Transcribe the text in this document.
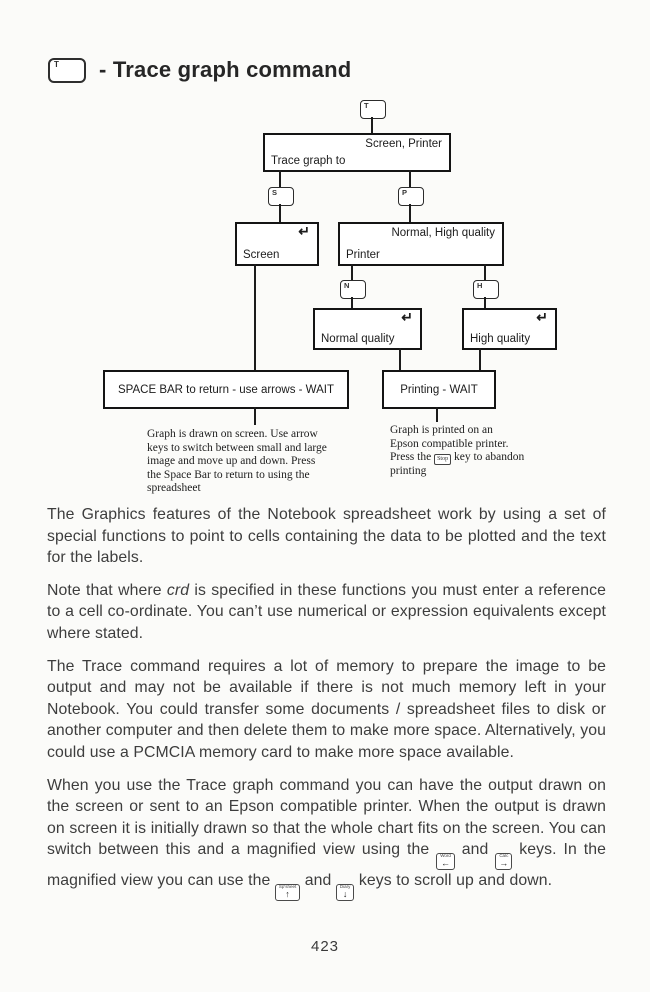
T - Trace graph command
T
Screen, Printer
Trace graph to
S	P
↵
Screen
Normal, High quality
Printer
N	H
↵
Normal quality
↵
High quality
SPACE BAR to return - use arrows - WAIT	Printing - WAIT
Graph is drawn on screen. Use arrow
keys to switch between small and large
image and move up and down. Press
the Space Bar to return to using the
spreadsheet
Graph is printed on an
Epson compatible printer.
Press the Stop key to abandon
printing

The Graphics features of the Notebook spreadsheet work by using a set of special functions to point to cells containing the data to be plotted and the text for the labels.

Note that where crd is specified in these functions you must enter a reference to a cell co-ordinate. You can’t use numerical or expression equivalents except where stated.

The Trace command requires a lot of memory to prepare the image to be output and may not be available if there is not much memory left in your Notebook. You could transfer some documents / spreadsheet files to disk or another computer and then delete them to make more space. Alternatively, you could use a PCMCIA memory card to make more space available.

When you use the Trace graph command you can have the output drawn on the screen or sent to an Epson compatible printer. When the output is drawn on screen it is initially drawn so that the whole chart fits on the screen. You can switch between this and a magnified view using the Word
←
and Calc
→
keys. In the magnified view you can use the Sp'sheet
↑
and Diary
↓
keys to scroll up and down.

423
